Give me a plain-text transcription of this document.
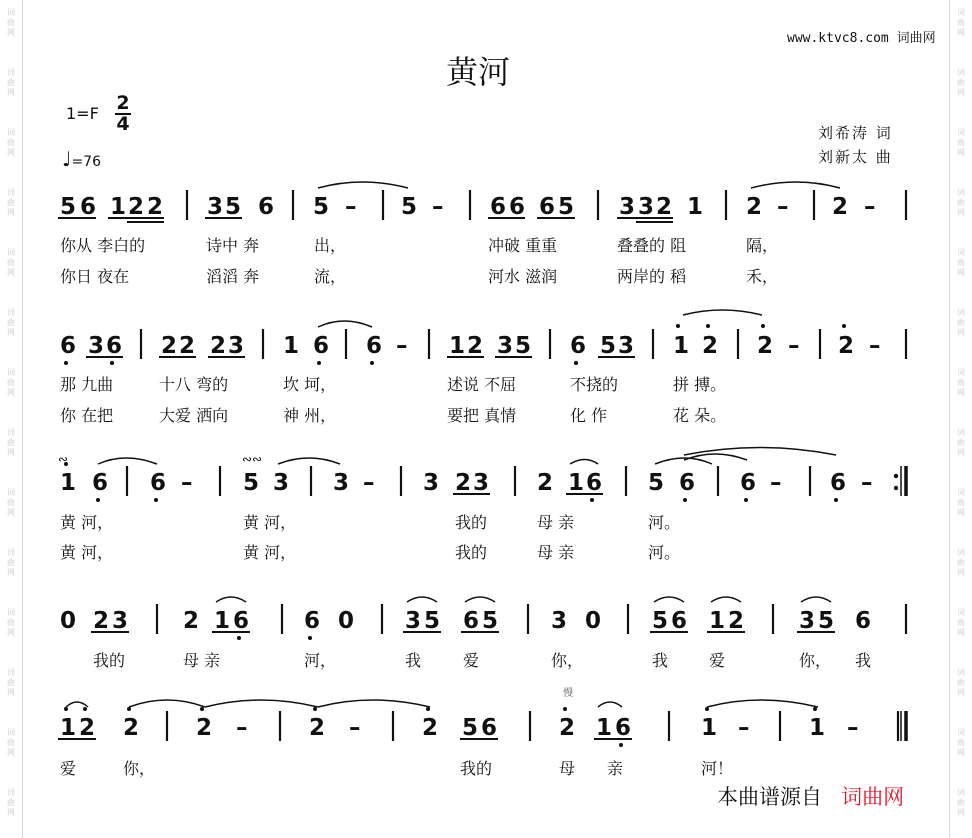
词
曲
网
词
曲
网
词
曲
网
词
曲
网
词
曲
网
词
曲
网
词
曲
网
词
曲
网
词
曲
网
词
曲
网
词
曲
网
词
曲
网
词
曲
网
词
曲
网
词
曲
网
词
曲
网
词
曲
网
词
曲
网
词
曲
网
词
曲
网
词
曲
网
词
曲
网
词
曲
网
词
曲
网
词
曲
网
词
曲
网
词
曲
网
词
曲
网
www.ktvc8.com 词曲网
黄河
1=F 2
4
♩=76
刘希涛 词
刘新太 曲
5 6 1 2 2 3 5 6 5 – 5 – 6 6 6 5 3 3 2 1 2 – 2 –
6 3 6 2 2 2 3 1 6 6 – 1 2 3 5 6 5 3 1 2 2 – 2 –
1 6 6 – 5 3 3 – 3 2 3 2 1 6 5 6 6 – 6 –
0 2 3 2 1 6 6 0 3 5 6 5 3 0 5 6 1 2 3 5 6
1 2 2 2 –	2 –	2 5 6	2 1 6	1 –	1 –
∾	∾∾
慢
你从 李白的	诗中 奔	出，	冲破 重重	叠叠的 阻	隔，
你日 夜在	滔滔 奔	流，	河水 滋润	两岸的 稻	禾，
那 九曲	十八 弯的	坎 坷，	述说 不屈	不挠的	拼 搏。
你 在把	大爱 洒向	神 州，	要把 真情	化 作	花 朵。
黄 河，	黄 河，	我的	母 亲	河。
黄 河，	黄 河，	我的	母 亲	河。
我的	母 亲	河，	我	爱	你，	我	爱	你， 我
爱	你，	我的	母 亲	河！
本曲谱源自 词曲网
